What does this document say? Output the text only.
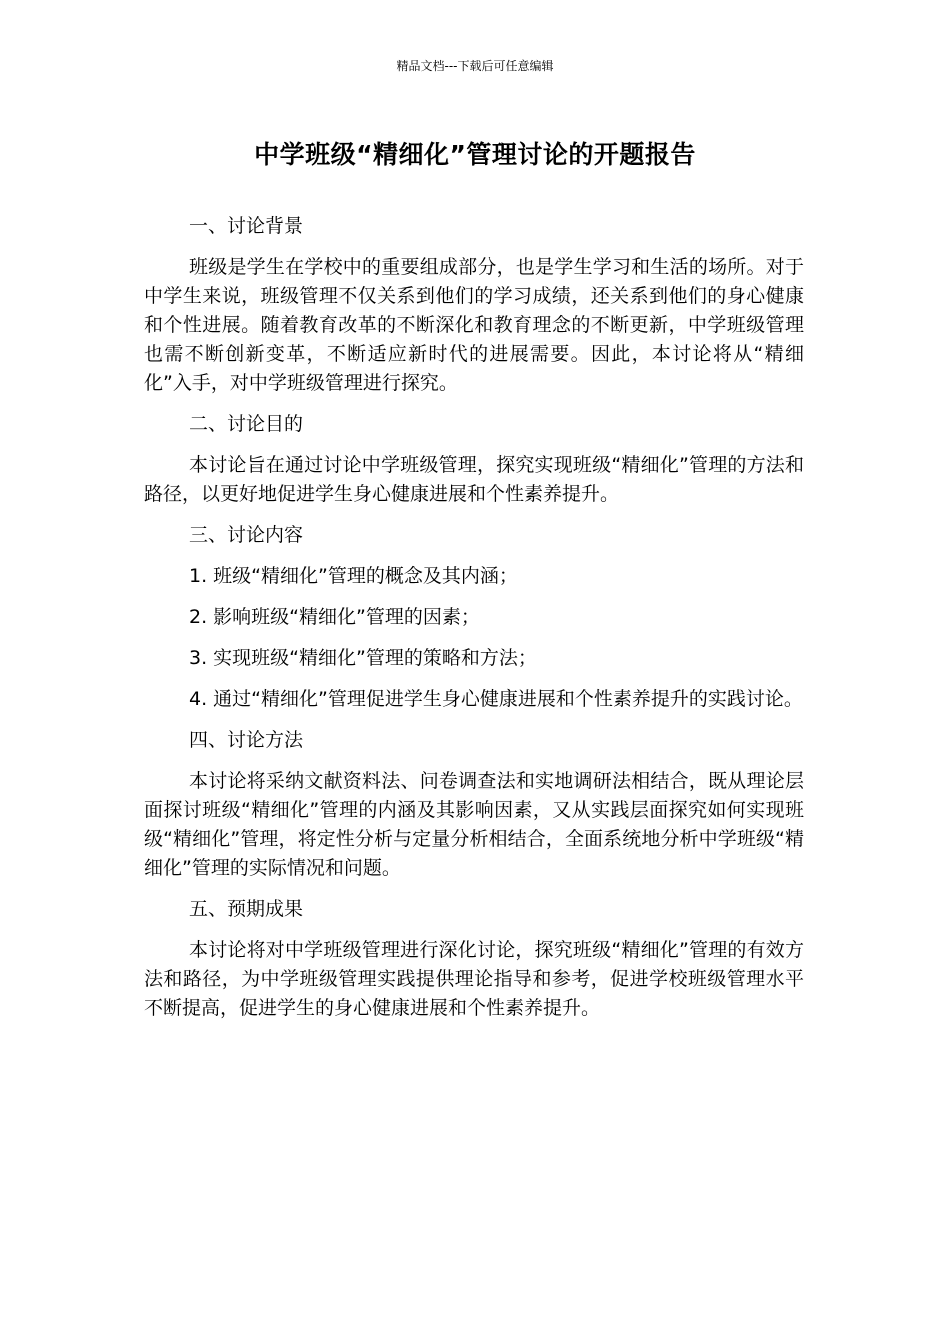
精品文档---下载后可任意编辑
中学班级“精细化”管理讨论的开题报告

一、讨论背景

班级是学生在学校中的重要组成部分，也是学生学习和生活的场所。对于中学生来说，班级管理不仅关系到他们的学习成绩，还关系到他们的身心健康和个性进展。随着教育改革的不断深化和教育理念的不断更新，中学班级管理也需不断创新变革，不断适应新时代的进展需要。因此，本讨论将从“精细化”入手，对中学班级管理进行探究。

二、讨论目的

本讨论旨在通过讨论中学班级管理，探究实现班级“精细化”管理的方法和路径，以更好地促进学生身心健康进展和个性素养提升。

三、讨论内容

1. 班级“精细化”管理的概念及其内涵；

2. 影响班级“精细化”管理的因素；

3. 实现班级“精细化”管理的策略和方法；

4. 通过“精细化”管理促进学生身心健康进展和个性素养提升的实践讨论。

四、讨论方法

本讨论将采纳文献资料法、问卷调查法和实地调研法相结合，既从理论层面探讨班级“精细化”管理的内涵及其影响因素，又从实践层面探究如何实现班级“精细化”管理，将定性分析与定量分析相结合，全面系统地分析中学班级“精细化”管理的实际情况和问题。

五、预期成果

本讨论将对中学班级管理进行深化讨论，探究班级“精细化”管理的有效方法和路径，为中学班级管理实践提供理论指导和参考，促进学校班级管理水平不断提高，促进学生的身心健康进展和个性素养提升。
